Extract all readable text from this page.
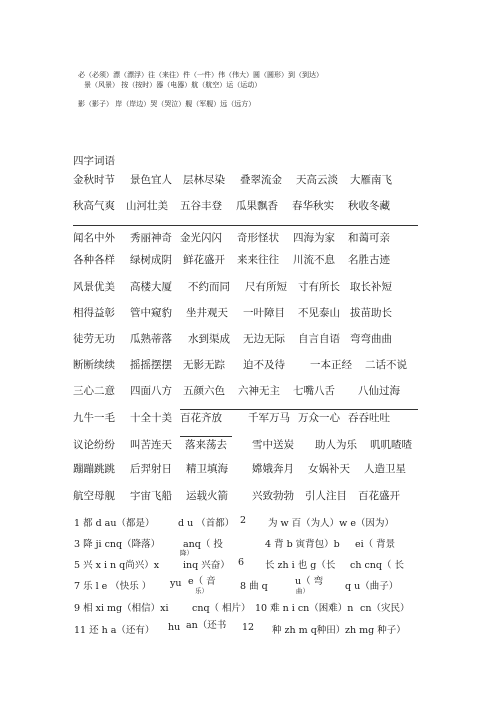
必（必须）漂（漂浮）往（来往）件（一件）伟（伟大）圆（圆形）到（到达）
景（风景） 按（按时）器（电器）航（航空）运（运动）
影（影子） 岸（岸边）哭（哭泣）舰（军舰）远（远方）
四字词语
金秋时节 景色宜人 层林尽染 叠翠流金 天高云淡 大雁南飞
秋高气爽 山河壮美 五谷丰登 瓜果飘香 春华秋实 秋收冬藏
闻名中外 秀丽神奇 金光闪闪 奇形怪状 四海为家 和蔼可亲
各种各样 绿树成阴 鲜花盛开 来来往往 川流不息 名胜古迹
风景优美 高楼大厦 不约而同 尺有所短 寸有所长 取长补短
相得益彰 管中窥豹 坐井观天 一叶障目 不见泰山 拔苗助长
徒劳无功 瓜熟蒂落 水到渠成 无边无际 自言自语 弯弯曲曲
断断续续 摇摇摆摆 无影无踪 迫不及待 一本正经 二话不说
三心二意 四面八方 五颜六色 六神无主 七嘴八舌 八仙过海
九牛一毛 十全十美 百花齐放 千军万马 万众一心 吞吞吐吐
议论纷纷 叫苦连天 落来荡去 雪中送炭 助人为乐 叽叽喳喳
蹦蹦跳跳 后羿射日 精卫填海 嫦娥奔月 女娲补天 人造卫星
航空母舰 宇宙飞船 运载火箭 兴致勃勃 引人注目 百花盛开
1 都 d au（都是） d u （首都） 2 为 w 百（为人）w e（因为）
3 降 ji cnq（降落） anq（ 投	4 背 b 寅背包）b ei（ 背景
降）
5 兴 x i n q尚兴）x	inq 兴奋） 6 长 zh i 也 g（长 ch cnq（ 长
7 乐 l e （快乐 ） yu e（ 音	8 曲 q	u（ 弯 q u（曲子）
乐）	曲）
9 相 xi mg（相信）xi cnq（ 相片） 10 难 n i cn（困难）n cn（灾民）
11 还 h a（还有） hu an（还书 12 种 zh m q种田） zh mg 种子）
